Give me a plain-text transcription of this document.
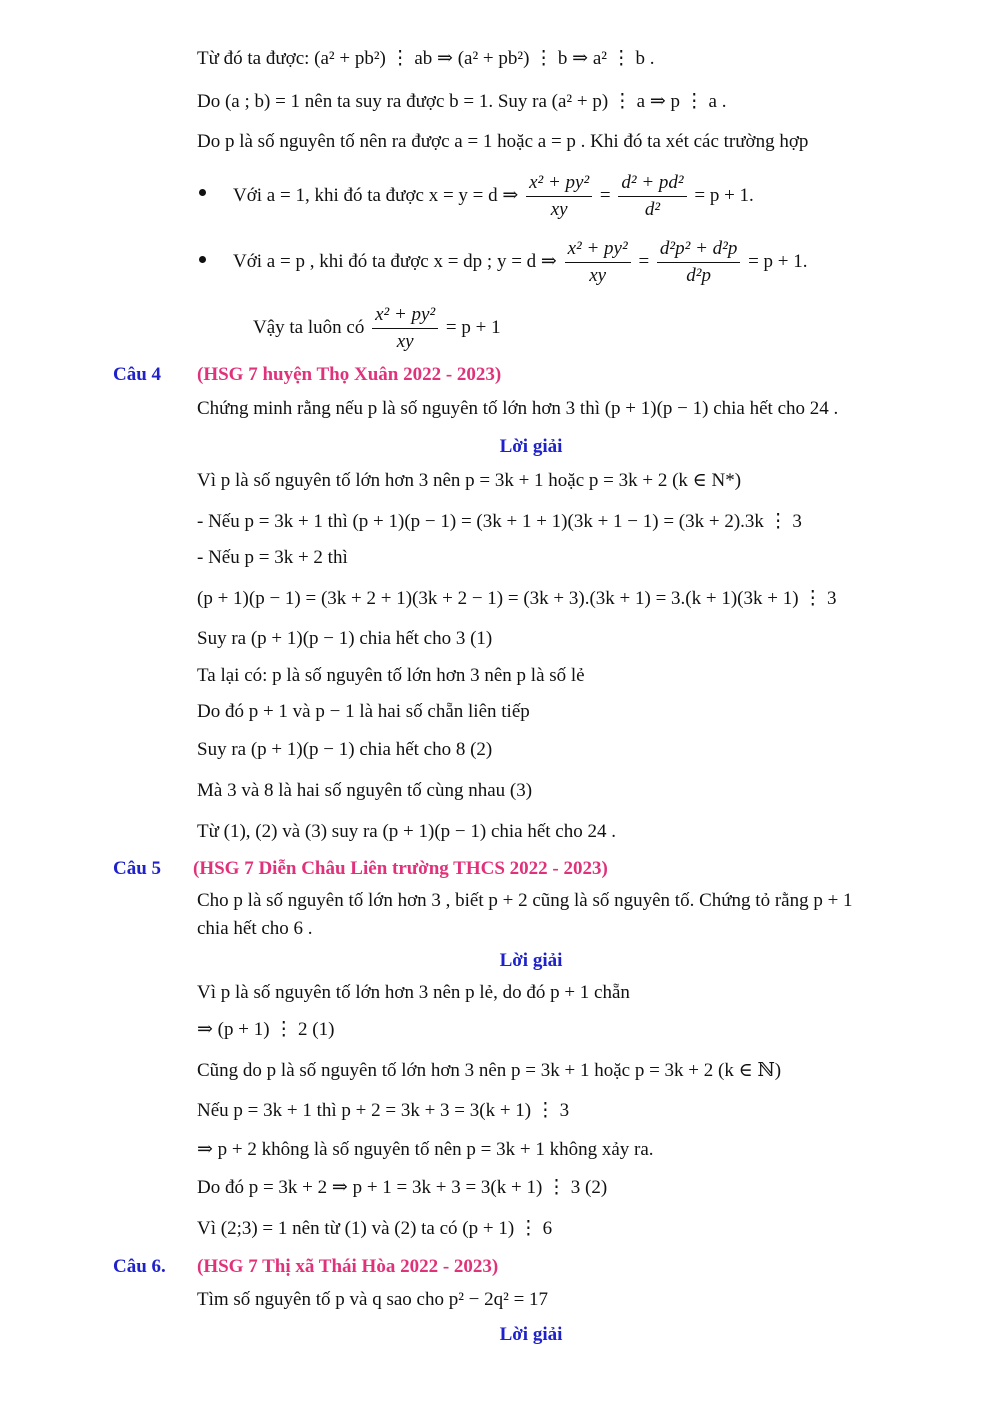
Từ đó ta được: (a² + pb²) ⋮ ab ⇒ (a² + pb²) ⋮ b ⇒ a² ⋮ b .
Do (a ; b) = 1 nên ta suy ra được b = 1. Suy ra (a² + p) ⋮ a ⇒ p ⋮ a .
Do p là số nguyên tố nên ra được a = 1 hoặc a = p . Khi đó ta xét các trường hợp
Với a = 1, khi đó ta được x = y = d ⇒ $\frac{\text{x² + py²}}{xy} = \frac{\text{d² + pd²}}{\text{d²}} = p + 1$.
Với a = p , khi đó ta được x = dp ; y = d ⇒ $\frac{\text{x² + py²}}{xy} = \frac{\text{d²p² + d²p}}{\text{d²p}} = p + 1$.
Vậy ta luôn có $\frac{\text{x² + py²}}{xy} = p + 1$
Câu 4 (HSG 7 huyện Thọ Xuân 2022 - 2023)
Chứng minh rằng nếu p là số nguyên tố lớn hơn 3 thì (p + 1)(p − 1) chia hết cho 24 .
Lời giải
Vì p là số nguyên tố lớn hơn 3 nên p = 3k + 1 hoặc p = 3k + 2 (k ∈ N*)
- Nếu p = 3k + 1 thì (p + 1)(p − 1) = (3k + 1 + 1)(3k + 1 − 1) = (3k + 2).3k ⋮ 3
- Nếu p = 3k + 2 thì
(p + 1)(p − 1) = (3k + 2 + 1)(3k + 2 − 1) = (3k + 3).(3k + 1) = 3.(k + 1)(3k + 1) ⋮ 3
Suy ra (p + 1)(p − 1) chia hết cho 3 (1)
Ta lại có: p là số nguyên tố lớn hơn 3 nên p là số lẻ
Do đó p + 1 và p − 1 là hai số chẵn liên tiếp
Suy ra (p + 1)(p − 1) chia hết cho 8 (2)
Mà 3 và 8 là hai số nguyên tố cùng nhau (3)
Từ (1), (2) và (3) suy ra (p + 1)(p − 1) chia hết cho 24 .
Câu 5 (HSG 7 Diễn Châu Liên trường THCS 2022 - 2023)
Cho p là số nguyên tố lớn hơn 3 , biết p + 2 cũng là số nguyên tố. Chứng tỏ rằng p + 1
chia hết cho 6 .
Lời giải
Vì p là số nguyên tố lớn hơn 3 nên p lẻ, do đó p + 1 chẵn
⇒ (p + 1) ⋮ 2 (1)
Cũng do p là số nguyên tố lớn hơn 3 nên p = 3k + 1 hoặc p = 3k + 2 (k ∈ ℕ)
Nếu p = 3k + 1 thì p + 2 = 3k + 3 = 3(k + 1) ⋮ 3
⇒ p + 2 không là số nguyên tố nên p = 3k + 1 không xảy ra.
Do đó p = 3k + 2 ⇒ p + 1 = 3k + 3 = 3(k + 1) ⋮ 3 (2)
Vì (2;3) = 1 nên từ (1) và (2) ta có (p + 1) ⋮ 6
Câu 6. (HSG 7 Thị xã Thái Hòa 2022 - 2023)
Tìm số nguyên tố p và q sao cho p² − 2q² = 17
Lời giải
